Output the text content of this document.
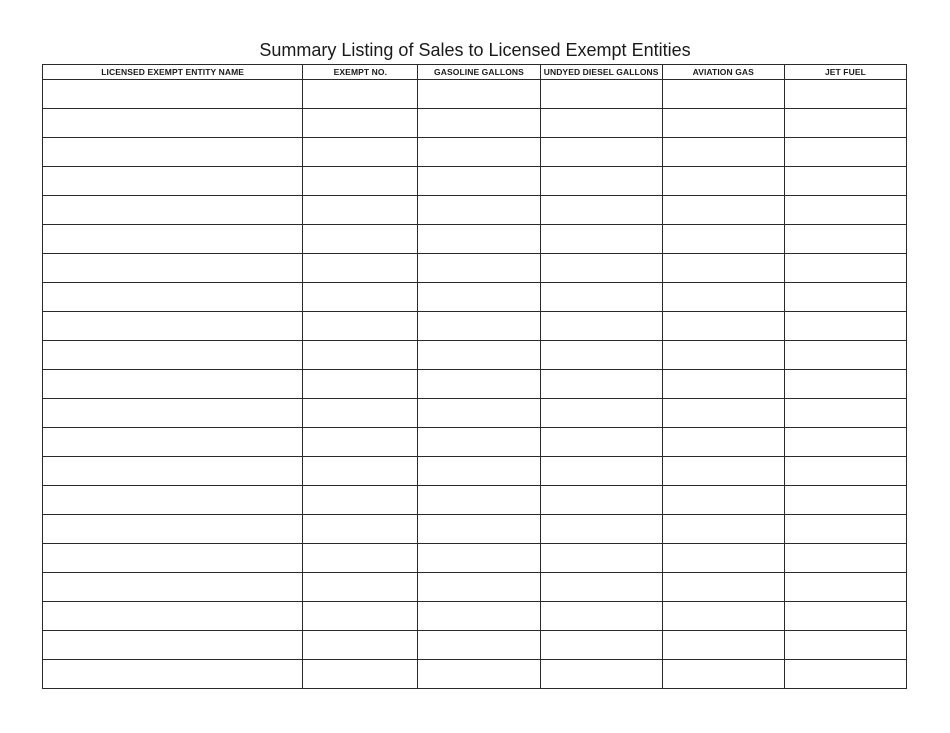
Summary Listing of Sales to Licensed Exempt Entities
LICENSED EXEMPT ENTITY NAME	EXEMPT NO.	GASOLINE GALLONS	UNDYED DIESEL GALLONS	AVIATION GAS	JET FUEL
